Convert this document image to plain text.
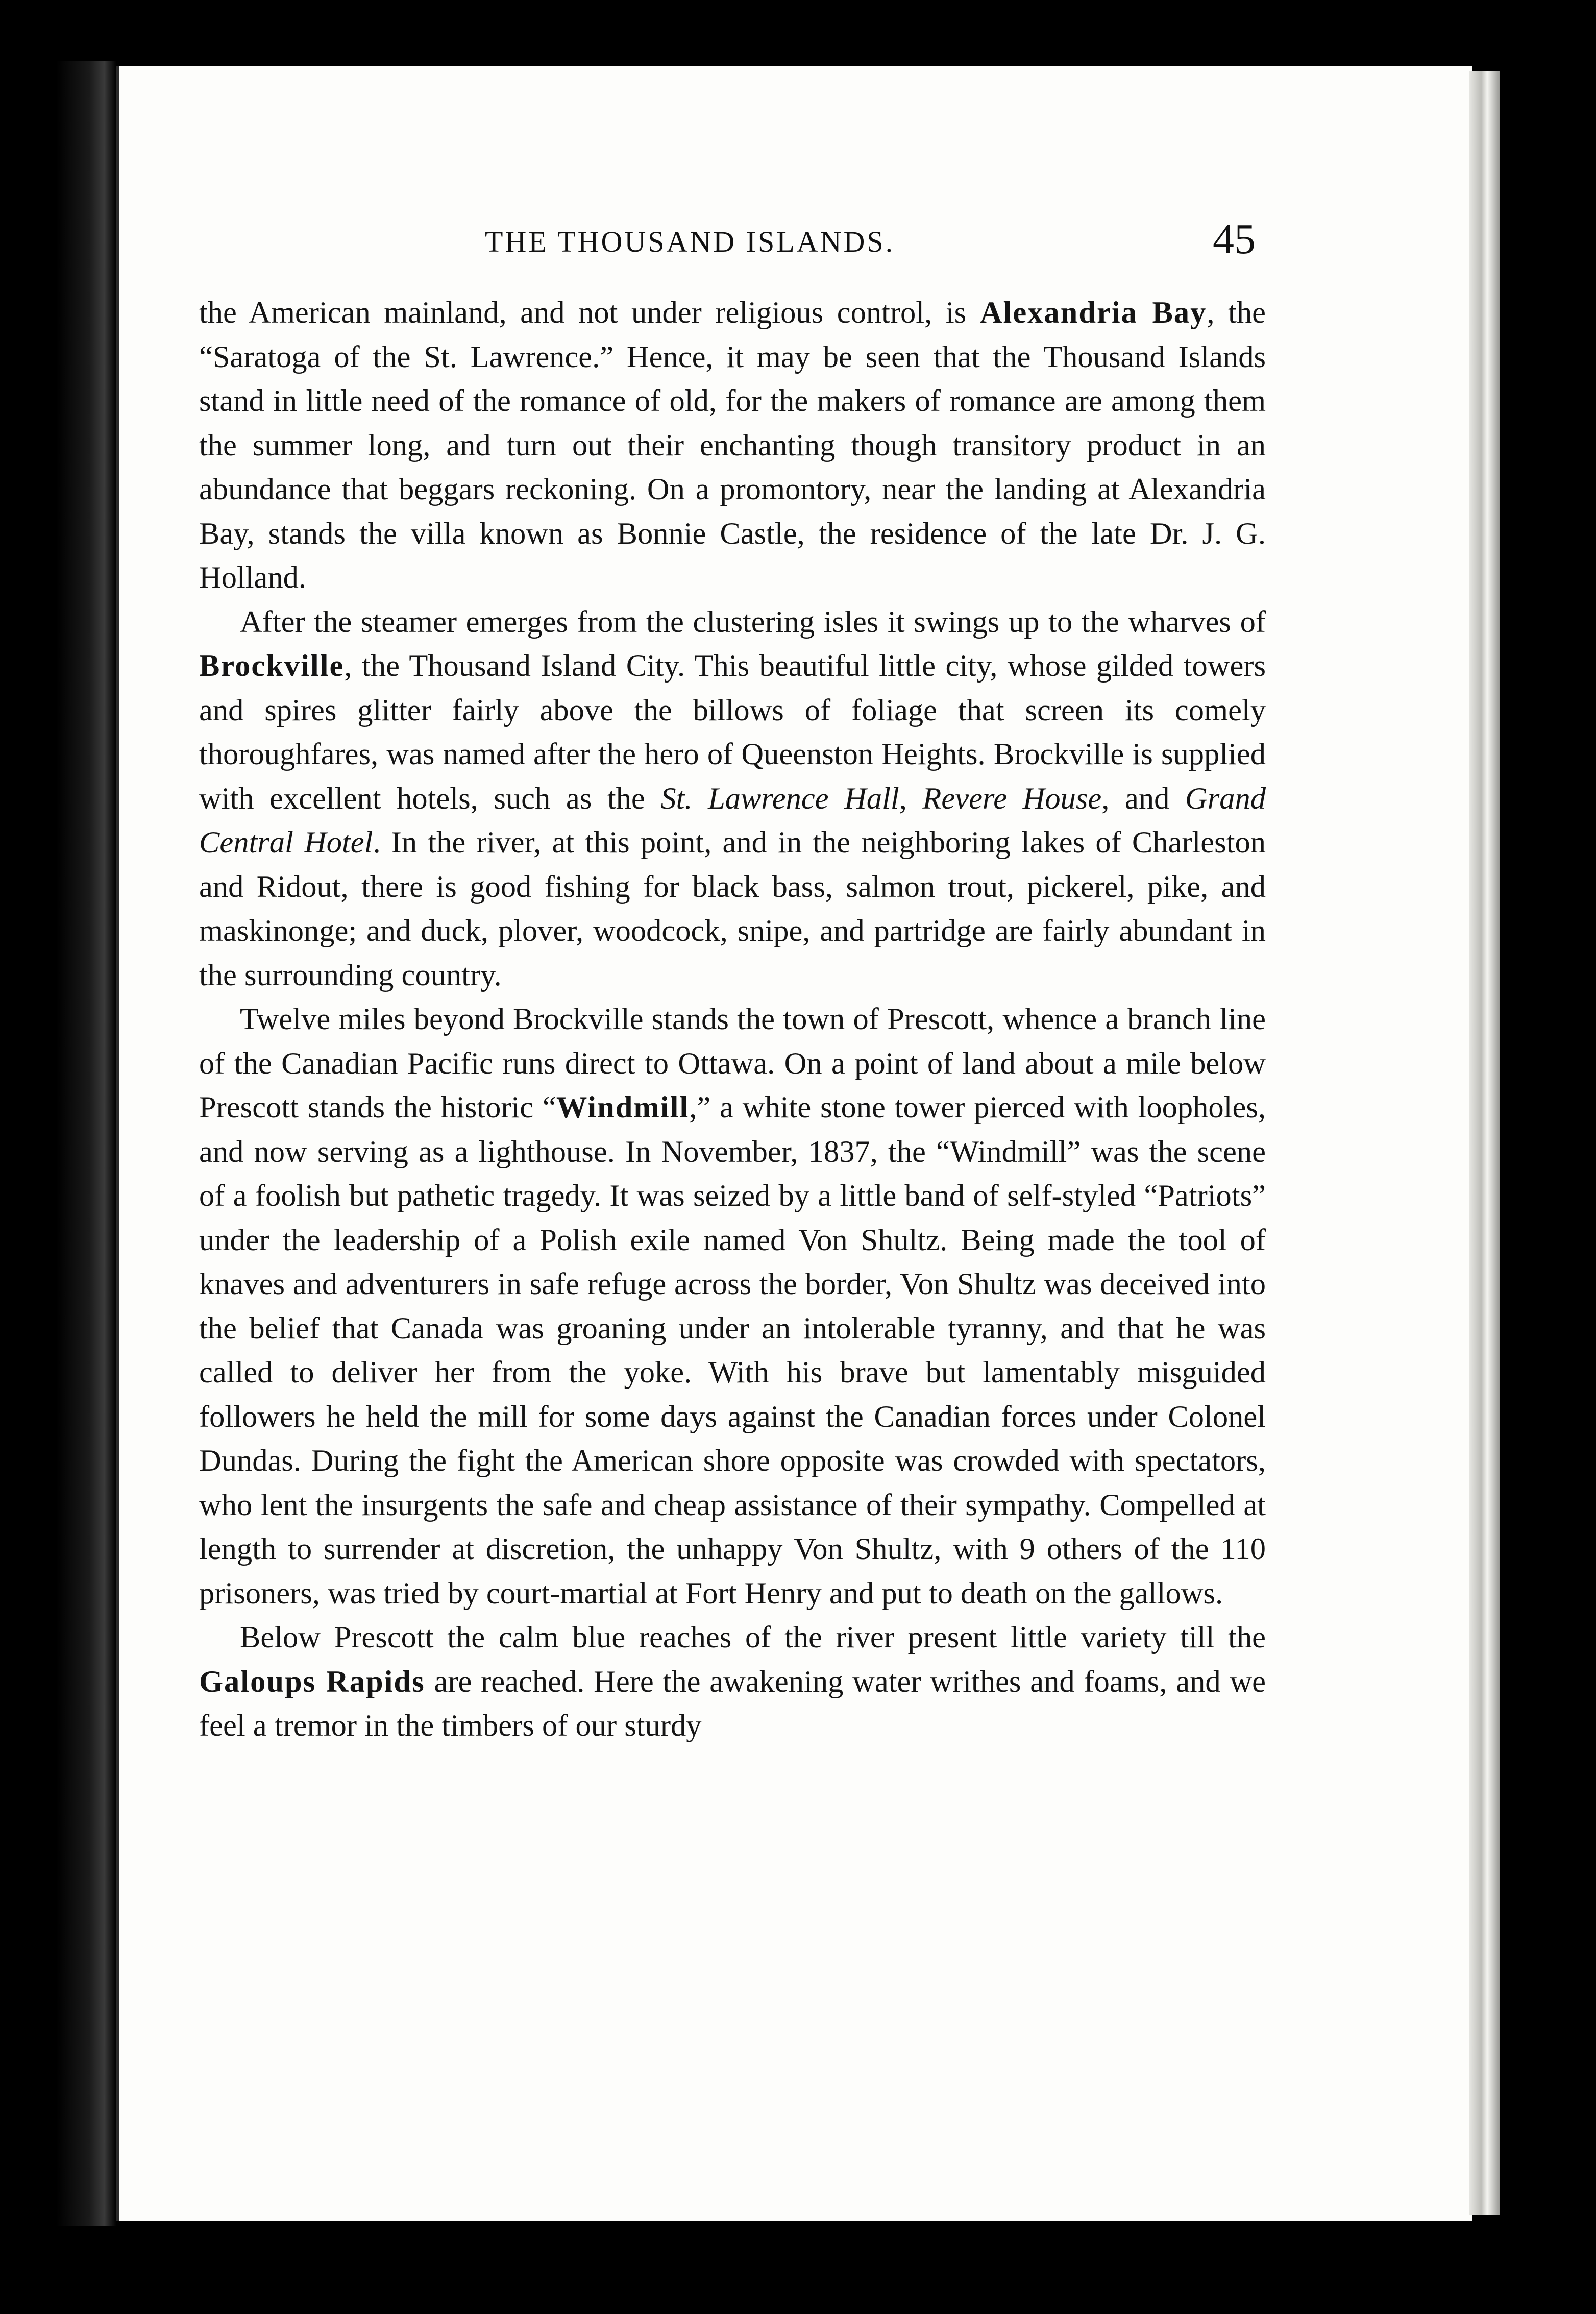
THE THOUSAND ISLANDS.	45

the American mainland, and not under religious control, is Alexandria Bay, the “Saratoga of the St. Lawrence.” Hence, it may be seen that the Thousand Islands stand in little need of the romance of old, for the makers of romance are among them the summer long, and turn out their enchanting though transitory product in an abundance that beggars reckoning. On a promontory, near the landing at Alexandria Bay, stands the villa known as Bonnie Castle, the residence of the late Dr. J. G. Holland.

After the steamer emerges from the clustering isles it swings up to the wharves of Brockville, the Thousand Island City. This beautiful little city, whose gilded towers and spires glitter fairly above the billows of foliage that screen its comely thoroughfares, was named after the hero of Queenston Heights. Brockville is supplied with excellent hotels, such as the St. Lawrence Hall, Revere House, and Grand Central Hotel. In the river, at this point, and in the neighboring lakes of Charleston and Ridout, there is good fishing for black bass, salmon trout, pickerel, pike, and maskinonge; and duck, plover, woodcock, snipe, and partridge are fairly abundant in the surrounding country.

Twelve miles beyond Brockville stands the town of Prescott, whence a branch line of the Canadian Pacific runs direct to Ottawa. On a point of land about a mile below Prescott stands the historic “Windmill,” a white stone tower pierced with loopholes, and now serving as a lighthouse. In November, 1837, the “Windmill” was the scene of a foolish but pathetic tragedy. It was seized by a little band of self-styled “Patriots” under the leadership of a Polish exile named Von Shultz. Being made the tool of knaves and adventurers in safe refuge across the border, Von Shultz was deceived into the belief that Canada was groaning under an intolerable tyranny, and that he was called to deliver her from the yoke. With his brave but lamentably misguided followers he held the mill for some days against the Canadian forces under Colonel Dundas. During the fight the American shore opposite was crowded with spectators, who lent the insurgents the safe and cheap assistance of their sympathy. Compelled at length to surrender at discretion, the unhappy Von Shultz, with 9 others of the 110 prisoners, was tried by court-martial at Fort Henry and put to death on the gallows.

Below Prescott the calm blue reaches of the river present little variety till the Galoups Rapids are reached. Here the awakening water writhes and foams, and we feel a tremor in the timbers of our sturdy
